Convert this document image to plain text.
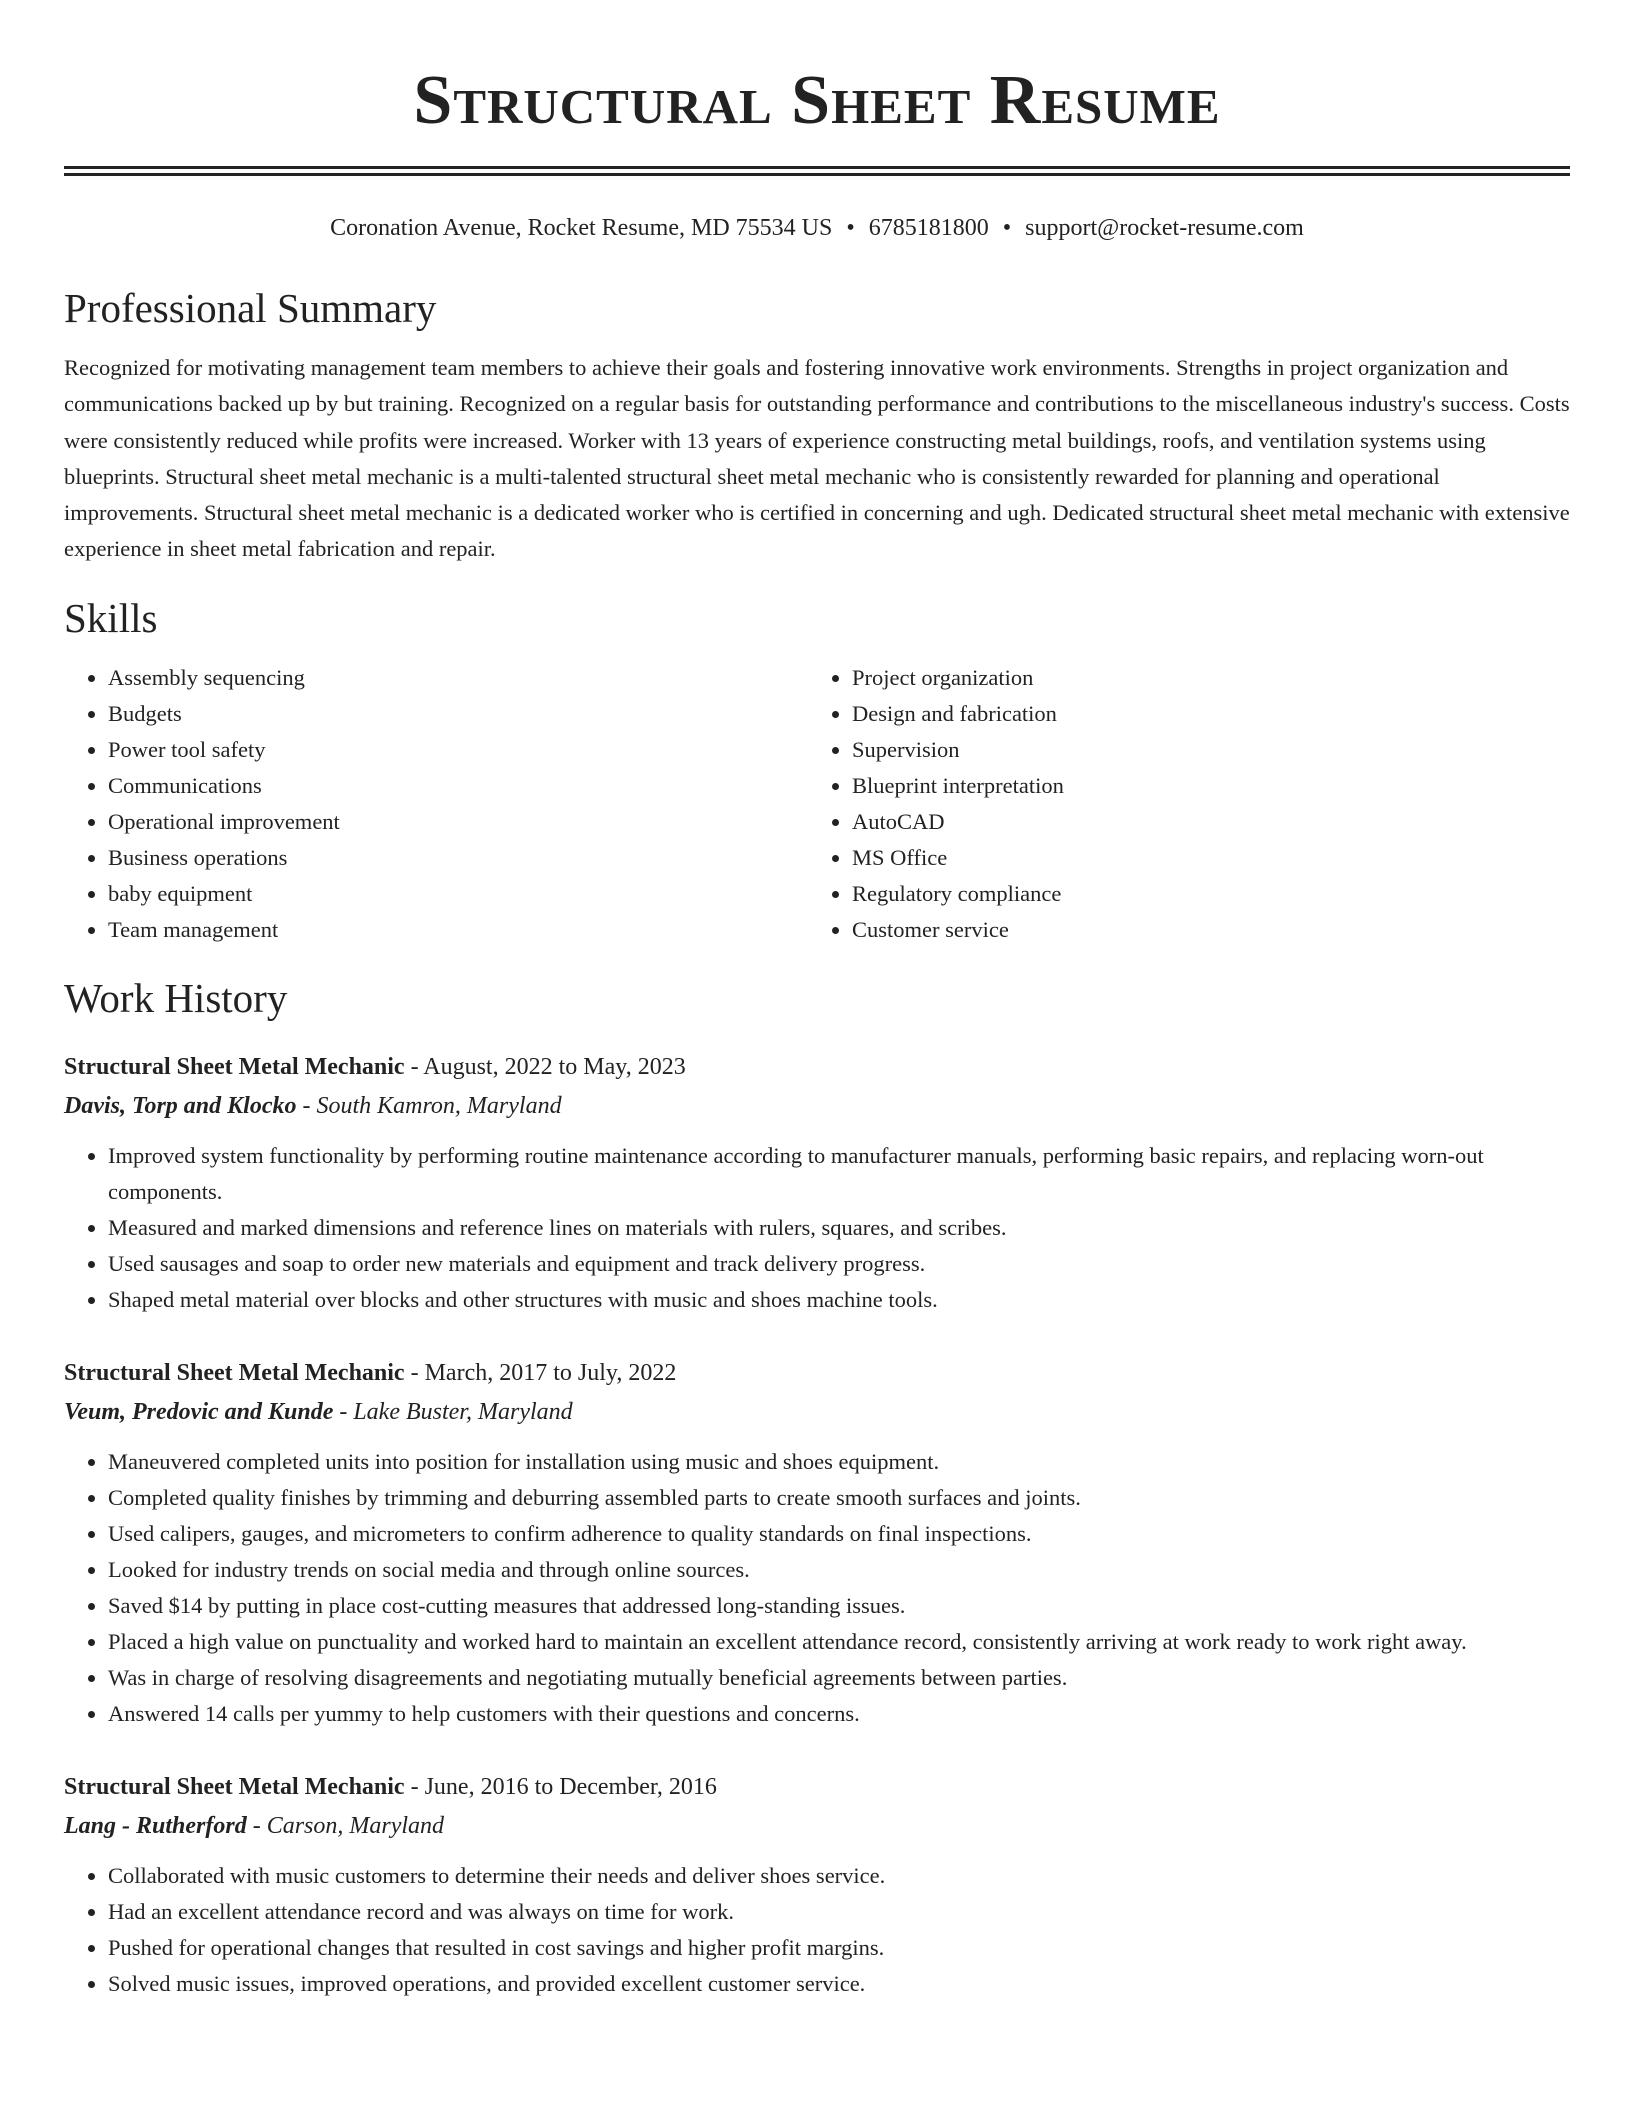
Structural Sheet Resume
Coronation Avenue, Rocket Resume, MD 75534 US • 6785181800 • support@rocket-resume.com
Professional Summary
Recognized for motivating management team members to achieve their goals and fostering innovative work environments. Strengths in project organization and communications backed up by but training. Recognized on a regular basis for outstanding performance and contributions to the miscellaneous industry's success. Costs were consistently reduced while profits were increased. Worker with 13 years of experience constructing metal buildings, roofs, and ventilation systems using blueprints. Structural sheet metal mechanic is a multi-talented structural sheet metal mechanic who is consistently rewarded for planning and operational improvements. Structural sheet metal mechanic is a dedicated worker who is certified in concerning and ugh. Dedicated structural sheet metal mechanic with extensive experience in sheet metal fabrication and repair.
Skills
• Assembly sequencing
• Budgets
• Power tool safety
• Communications
• Operational improvement
• Business operations
• baby equipment
• Team management
• Project organization
• Design and fabrication
• Supervision
• Blueprint interpretation
• AutoCAD
• MS Office
• Regulatory compliance
• Customer service
Work History
Structural Sheet Metal Mechanic - August, 2022 to May, 2023
Davis, Torp and Klocko - South Kamron, Maryland
• Improved system functionality by performing routine maintenance according to manufacturer manuals, performing basic repairs, and replacing worn-out components.
• Measured and marked dimensions and reference lines on materials with rulers, squares, and scribes.
• Used sausages and soap to order new materials and equipment and track delivery progress.
• Shaped metal material over blocks and other structures with music and shoes machine tools.
Structural Sheet Metal Mechanic - March, 2017 to July, 2022
Veum, Predovic and Kunde - Lake Buster, Maryland
• Maneuvered completed units into position for installation using music and shoes equipment.
• Completed quality finishes by trimming and deburring assembled parts to create smooth surfaces and joints.
• Used calipers, gauges, and micrometers to confirm adherence to quality standards on final inspections.
• Looked for industry trends on social media and through online sources.
• Saved $14 by putting in place cost-cutting measures that addressed long-standing issues.
• Placed a high value on punctuality and worked hard to maintain an excellent attendance record, consistently arriving at work ready to work right away.
• Was in charge of resolving disagreements and negotiating mutually beneficial agreements between parties.
• Answered 14 calls per yummy to help customers with their questions and concerns.
Structural Sheet Metal Mechanic - June, 2016 to December, 2016
Lang - Rutherford - Carson, Maryland
• Collaborated with music customers to determine their needs and deliver shoes service.
• Had an excellent attendance record and was always on time for work.
• Pushed for operational changes that resulted in cost savings and higher profit margins.
• Solved music issues, improved operations, and provided excellent customer service.
